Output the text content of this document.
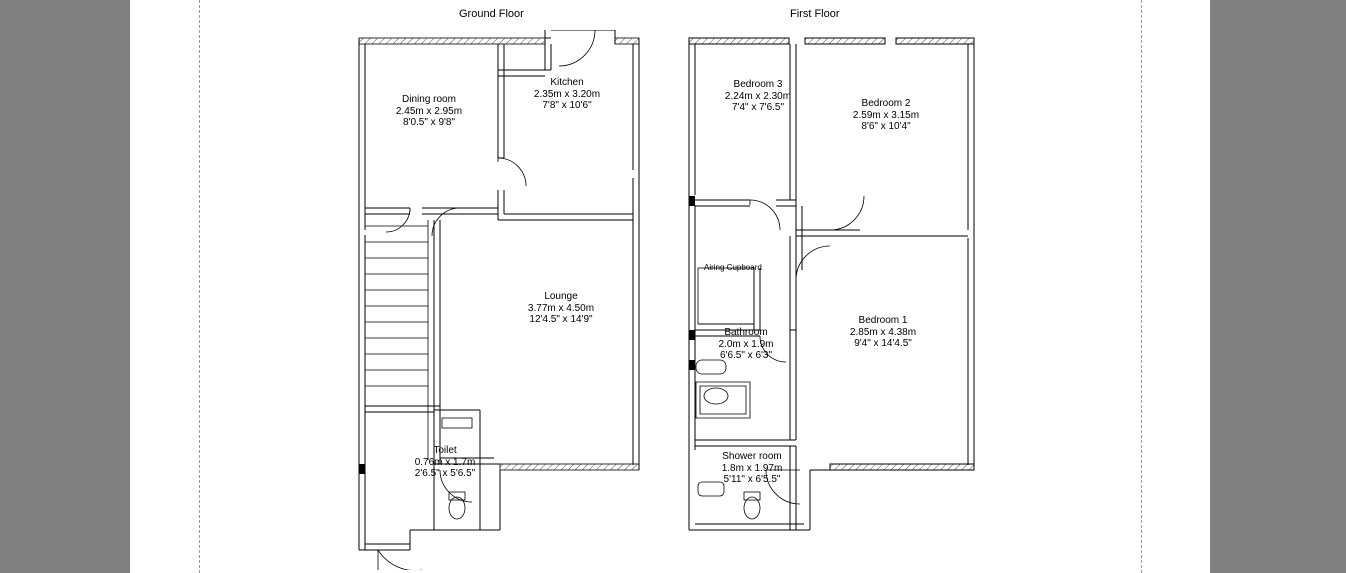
Ground Floor
Dining room
2.45m x 2.95m
8'0.5" x 9'8"
Kitchen
2.35m x 3.20m
7'8" x 10'6"
Lounge
3.77m x 4.50m
12'4.5" x 14'9"
Toilet
0.76m x 1.7m
2'6.5" x 5'6.5"
First Floor
Bedroom 3
2.24m x 2.30m
7'4" x 7'6.5"	Bedroom 2
2.59m x 3.15m
8'6" x 10'4"
Bedroom 1
2.85m x 4.38m
9'4" x 14'4.5"
Bathroom
2.0m x 1.9m
6'6.5" x 6'3"
Shower room
1.8m x 1.97m
5'11" x 6'5.5"
Airing Cupboard
